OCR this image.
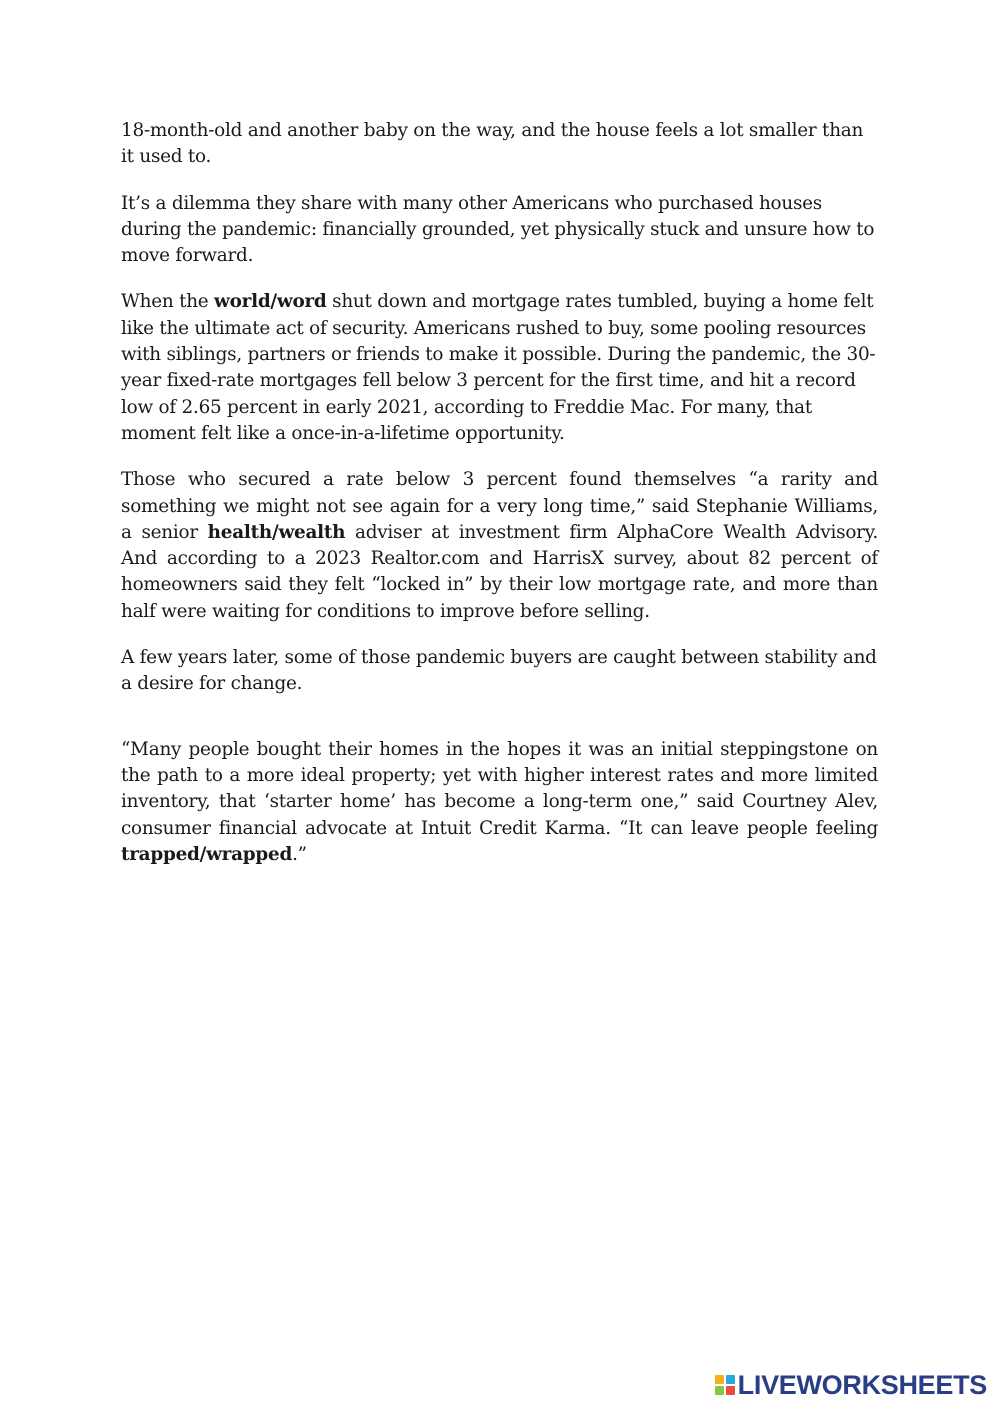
18-month-old and another baby on the way, and the house feels a lot smaller than it used to.

It’s a dilemma they share with many other Americans who purchased houses during the pandemic: financially grounded, yet physically stuck and unsure how to move forward.

When the world/word shut down and mortgage rates tumbled, buying a home felt like the ultimate act of security. Americans rushed to buy, some pooling resources with siblings, partners or friends to make it possible. During the pandemic, the 30-year fixed-rate mortgages fell below 3 percent for the first time, and hit a record low of 2.65 percent in early 2021, according to Freddie Mac. For many, that moment felt like a once-in-a-lifetime opportunity.

Those who secured a rate below 3 percent found themselves “a rarity and something we might not see again for a very long time,” said Stephanie Williams, a senior health/wealth adviser at investment firm AlphaCore Wealth Advisory. And according to a 2023 Realtor.com and HarrisX survey, about 82 percent of homeowners said they felt “locked in” by their low mortgage rate, and more than half were waiting for conditions to improve before selling.

A few years later, some of those pandemic buyers are caught between stability and a desire for change.

“Many people bought their homes in the hopes it was an initial steppingstone on the path to a more ideal property; yet with higher interest rates and more limited inventory, that ‘starter home’ has become a long-term one,” said Courtney Alev, consumer financial advocate at Intuit Credit Karma. “It can leave people feeling trapped/wrapped.”

LIVEWORKSHEETS
